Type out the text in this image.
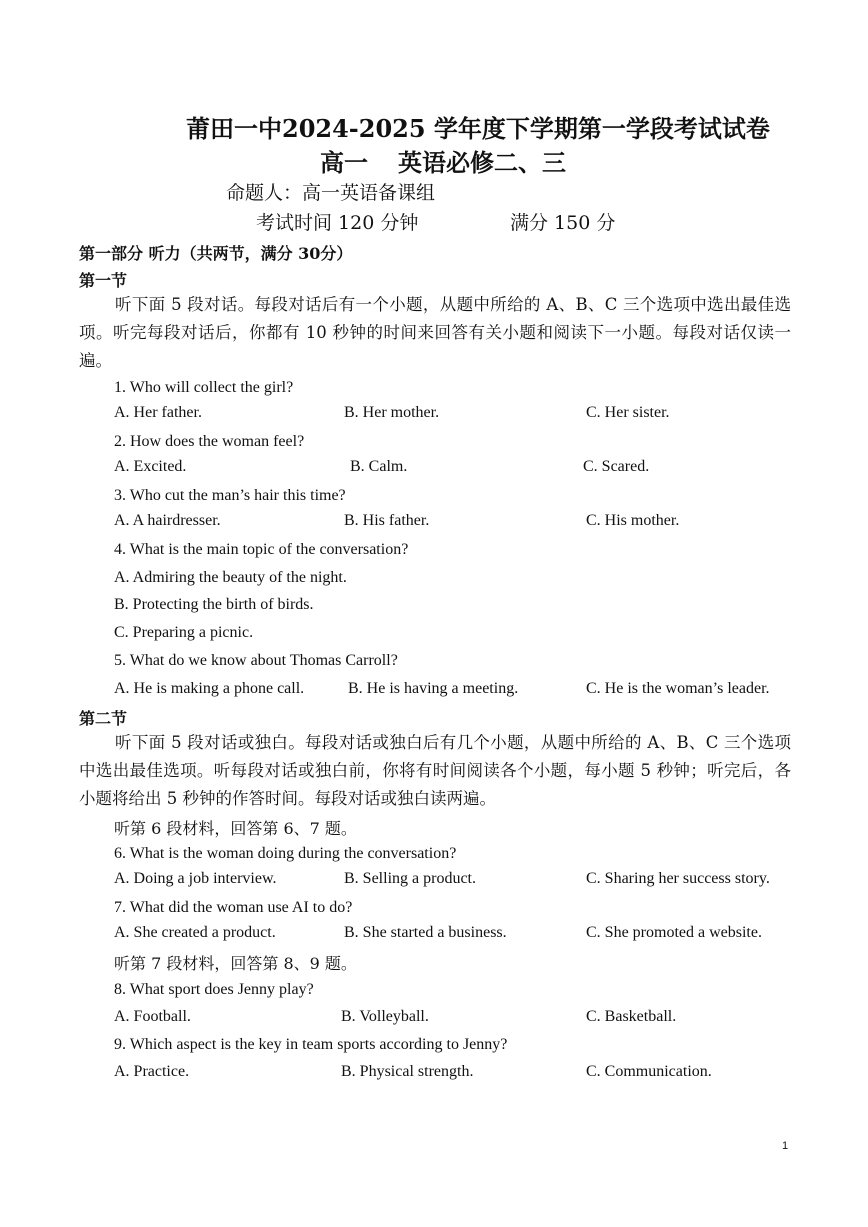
莆田一中2024-2025 学年度下学期第一学段考试试卷
高一 英语必修二、三
命题人：高一英语备课组
考试时间 120 分钟	满分 150 分
第一部分 听力（共两节，满分 30分）
第一节
听下面 5 段对话。每段对话后有一个小题，从题中所给的 A、B、C 三个选项中选出最佳选项。听完每段对话后，你都有 10 秒钟的时间来回答有关小题和阅读下一小题。每段对话仅读一遍。
1. Who will collect the girl?
A. Her father.	B. Her mother.	C. Her sister.
2. How does the woman feel?
A. Excited.	B. Calm.	C. Scared.
3. Who cut the man’s hair this time?
A. A hairdresser.	B. His father.	C. His mother.
4. What is the main topic of the conversation?
A. Admiring the beauty of the night.
B. Protecting the birth of birds.
C. Preparing a picnic.
5. What do we know about Thomas Carroll?
A. He is making a phone call.	B. He is having a meeting.	C. He is the woman’s leader.
第二节
听下面 5 段对话或独白。每段对话或独白后有几个小题，从题中所给的 A、B、C 三个选项中选出最佳选项。听每段对话或独白前，你将有时间阅读各个小题，每小题 5 秒钟；听完后，各小题将给出 5 秒钟的作答时间。每段对话或独白读两遍。
听第 6 段材料，回答第 6、7 题。
6. What is the woman doing during the conversation?
A. Doing a job interview.	B. Selling a product.	C. Sharing her success story.
7. What did the woman use AI to do?
A. She created a product.	B. She started a business.	C. She promoted a website.
听第 7 段材料，回答第 8、9 题。
8. What sport does Jenny play?
A. Football.	B. Volleyball.	C. Basketball.
9. Which aspect is the key in team sports according to Jenny?
A. Practice.	B. Physical strength.	C. Communication.
1
